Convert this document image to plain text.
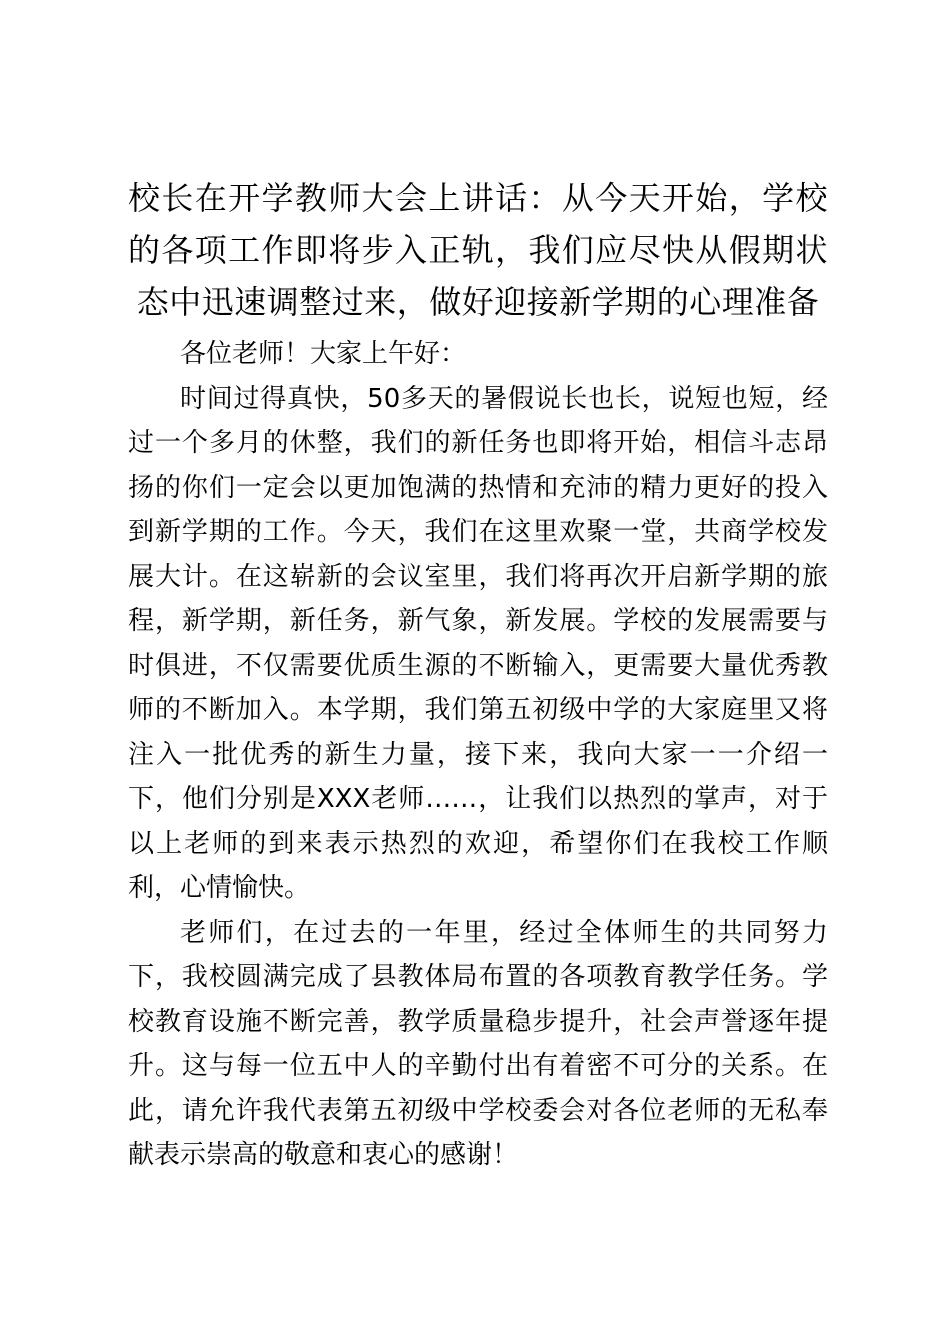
校长在开学教师大会上讲话：从今天开始，学校的各项工作即将步入正轨，我们应尽快从假期状态中迅速调整过来，做好迎接新学期的心理准备

各位老师！大家上午好：

时间过得真快，50多天的暑假说长也长，说短也短，经过一个多月的休整，我们的新任务也即将开始，相信斗志昂扬的你们一定会以更加饱满的热情和充沛的精力更好的投入到新学期的工作。今天，我们在这里欢聚一堂，共商学校发展大计。在这崭新的会议室里，我们将再次开启新学期的旅程，新学期，新任务，新气象，新发展。学校的发展需要与时俱进，不仅需要优质生源的不断输入，更需要大量优秀教师的不断加入。本学期，我们第五初级中学的大家庭里又将注入一批优秀的新生力量，接下来，我向大家一一介绍一下，他们分别是XXX老师……，让我们以热烈的掌声，对于以上老师的到来表示热烈的欢迎，希望你们在我校工作顺利，心情愉快。

老师们，在过去的一年里，经过全体师生的共同努力下，我校圆满完成了县教体局布置的各项教育教学任务。学校教育设施不断完善，教学质量稳步提升，社会声誉逐年提升。这与每一位五中人的辛勤付出有着密不可分的关系。在此，请允许我代表第五初级中学校委会对各位老师的无私奉献表示崇高的敬意和衷心的感谢！
